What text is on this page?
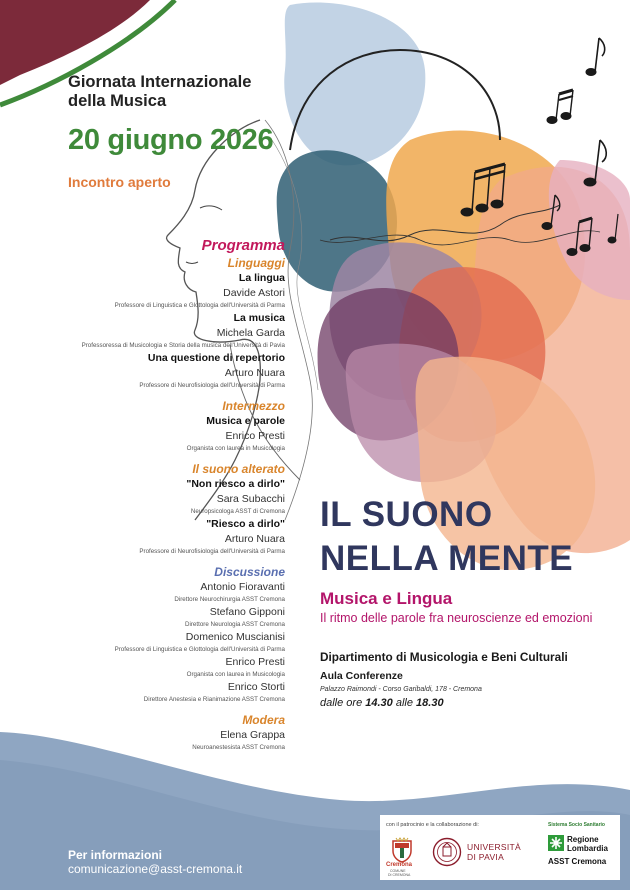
Giornata Internazionale
della Musica
20 giugno 2026
Incontro aperto
Programma
Linguaggi
La lingua
Davide Astori
Professore di Linguistica e Glottologia dell'Università di Parma
La musica
Michela Garda
Professoressa di Musicologia e Storia della musica dell'Università di Pavia
Una questione di repertorio
Arturo Nuara
Professore di Neurofisiologia dell'Università di Parma
Intermezzo
Musica e parole
Enrico Presti
Organista con laurea in Musicologia
Il suono alterato
"Non riesco a dirlo"
Sara Subacchi
Neuropsicologa ASST di Cremona
"Riesco a dirlo"
Arturo Nuara
Professore di Neurofisiologia dell'Università di Parma
Discussione
Antonio Fioravanti
Direttore Neurochirurgia ASST Cremona
Stefano Gipponi
Direttore Neurologia ASST Cremona
Domenico Muscianisi
Professore di Linguistica e Glottologia dell'Università di Parma
Enrico Presti
Organista con laurea in Musicologia
Enrico Storti
Direttore Anestesia e Rianimazione ASST Cremona
Modera
Elena Grappa
Neuroanestesista ASST Cremona
IL SUONO
NELLA MENTE
Musica e Lingua
Il ritmo delle parole fra neuroscienze ed emozioni
Dipartimento di Musicologia e Beni Culturali
Aula Conferenze
Palazzo Raimondi - Corso Garibaldi, 178 - Cremona
dalle ore 14.30 alle 18.30
Per informazioni
comunicazione@asst-cremona.it
con il patrocinio e la collaborazione di:
Cremona
COMUNE
DI CREMONA
UNIVERSITÀ
DI PAVIA
Sistema Socio Sanitario
Regione
Lombardia
ASST Cremona
